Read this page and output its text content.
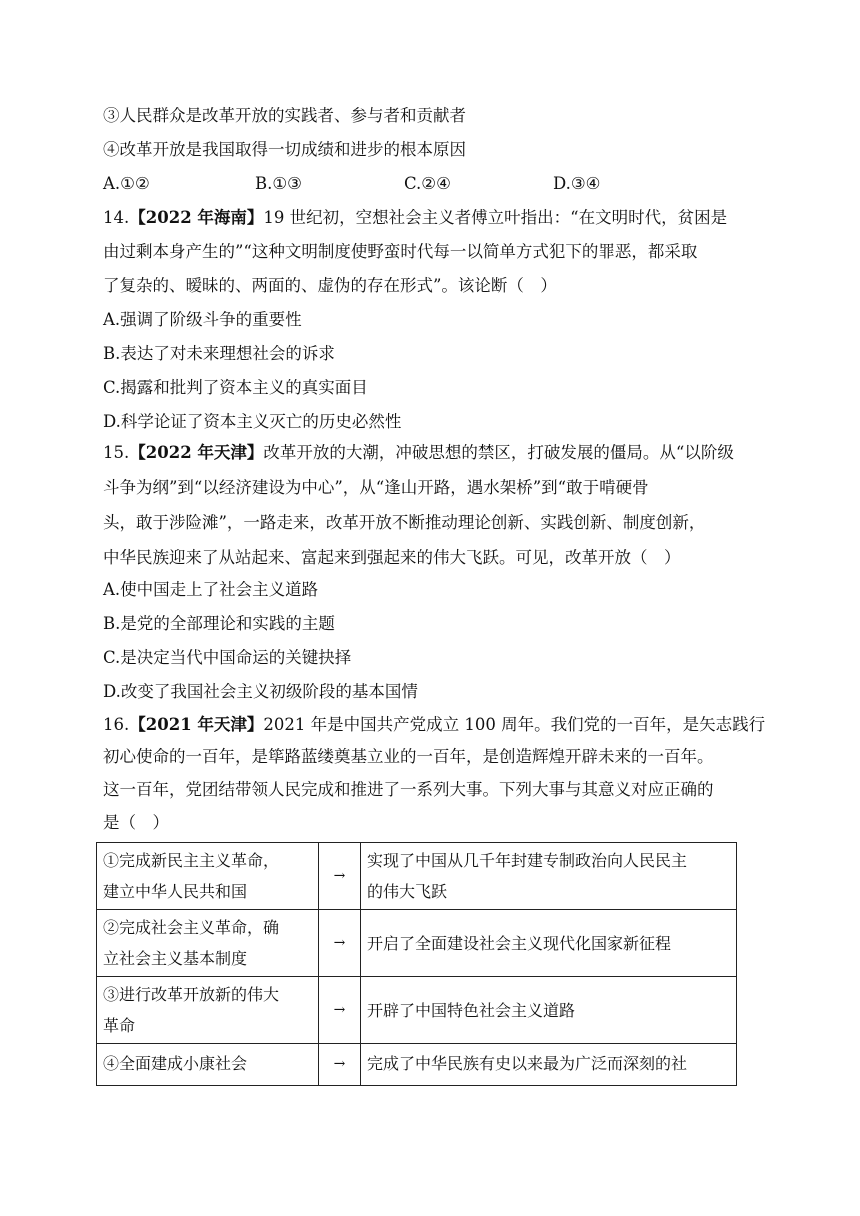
③人民群众是改革开放的实践者、参与者和贡献者
④改革开放是我国取得一切成绩和进步的根本原因
A.①②	B.①③	C.②④	D.③④
14.【2022 年海南】19 世纪初，空想社会主义者傅立叶指出：“在文明时代，贫困是
由过剩本身产生的”“这种文明制度使野蛮时代每一以简单方式犯下的罪恶，都采取
了复杂的、暧昧的、两面的、虚伪的存在形式”。该论断（　）
A.强调了阶级斗争的重要性
B.表达了对未来理想社会的诉求
C.揭露和批判了资本主义的真实面目
D.科学论证了资本主义灭亡的历史必然性
15.【2022 年天津】改革开放的大潮，冲破思想的禁区，打破发展的僵局。从“以阶级
斗争为纲”到“以经济建设为中心”，从“逢山开路，遇水架桥”到“敢于啃硬骨
头，敢于涉险滩”，一路走来，改革开放不断推动理论创新、实践创新、制度创新，
中华民族迎来了从站起来、富起来到强起来的伟大飞跃。可见，改革开放（　）
A.使中国走上了社会主义道路
B.是党的全部理论和实践的主题
C.是决定当代中国命运的关键抉择
D.改变了我国社会主义初级阶段的基本国情
16.【2021 年天津】2021 年是中国共产党成立 100 周年。我们党的一百年，是矢志践行
初心使命的一百年，是筚路蓝缕奠基立业的一百年，是创造辉煌开辟未来的一百年。
这一百年，党团结带领人民完成和推进了一系列大事。下列大事与其意义对应正确的
是（　）
①完成新民主主义革命，
建立中华人民共和国	→	实现了中国从几千年封建专制政治向人民民主
的伟大飞跃
②完成社会主义革命，确
立社会主义基本制度	→	开启了全面建设社会主义现代化国家新征程
③进行改革开放新的伟大
革命	→	开辟了中国特色社会主义道路
④全面建成小康社会	→	完成了中华民族有史以来最为广泛而深刻的社
